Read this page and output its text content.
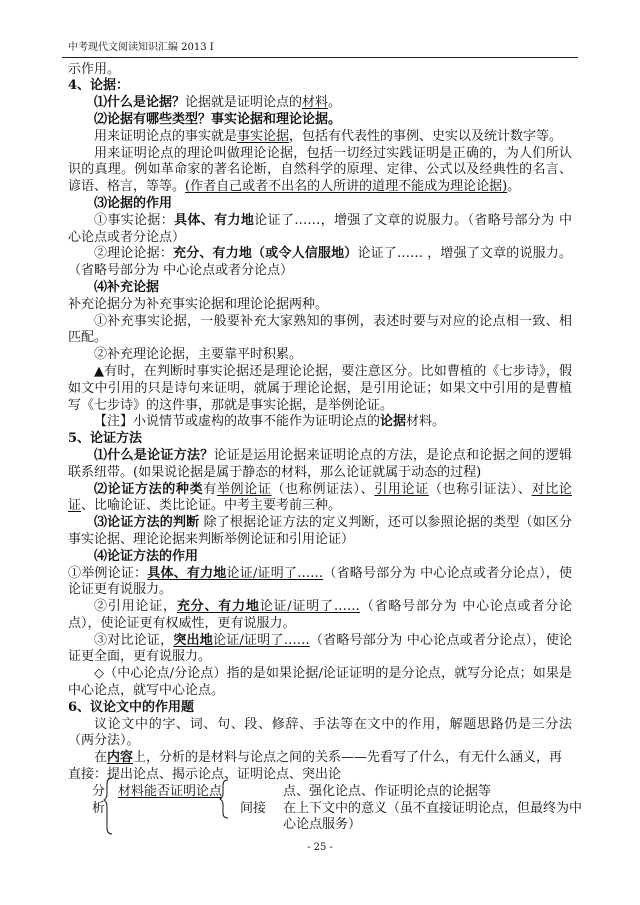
中考现代文阅读知识汇编 2013 Ⅰ

示作用。

4、论据：

⑴什么是论据？论据就是证明论点的材料。

⑵论据有哪些类型？事实论据和理论论据。

用来证明论点的事实就是事实论据，包括有代表性的事例、史实以及统计数字等。

用来证明论点的理论叫做理论论据，包括一切经过实践证明是正确的，为人们所认识的真理。例如革命家的著名论断，自然科学的原理、定律、公式以及经典性的名言、谚语、格言，等等。(作者自己或者不出名的人所讲的道理不能成为理论论据)。

⑶论据的作用

①事实论据：具体、有力地论证了……，增强了文章的说服力。（省略号部分为 中心论点或者分论点）

②理论论据：充分、有力地（或令人信服地）论证了…… ，增强了文章的说服力。（省略号部分为 中心论点或者分论点）

⑷补充论据

补充论据分为补充事实论据和理论论据两种。

①补充事实论据，一般要补充大家熟知的事例，表述时要与对应的论点相一致、相匹配。

②补充理论论据，主要靠平时积累。

▲有时，在判断时事实论据还是理论论据，要注意区分。比如曹植的《七步诗》，假如文中引用的只是诗句来证明，就属于理论论据，是引用论证；如果文中引用的是曹植写《七步诗》的这件事，那就是事实论据，是举例论证。

【注】小说情节或虚构的故事不能作为证明论点的论据材料。

5、论证方法

⑴什么是论证方法？论证是运用论据来证明论点的方法，是论点和论据之间的逻辑联系纽带。(如果说论据是属于静态的材料，那么论证就属于动态的过程)

⑵论证方法的种类有举例论证（也称例证法）、引用论证（也称引证法）、对比论证、比喻论证、类比论证。中考主要考前三种。

⑶论证方法的判断 除了根据论证方法的定义判断，还可以参照论据的类型（如区分事实论据、理论论据来判断举例论证和引用论证）

⑷论证方法的作用

①举例论证：具体、有力地论证/证明了……（省略号部分为 中心论点或者分论点），使论证更有说服力。

②引用论证，充分、有力地论证/证明了……（省略号部分为 中心论点或者分论点），使论证更有权威性，更有说服力。

③对比论证，突出地论证/证明了……（省略号部分为 中心论点或者分论点），使论证更全面，更有说服力。

◇（中心论点/分论点）指的是如果论据/论证证明的是分论点，就写分论点；如果是中心论点，就写中心论点。

6、议论文中的作用题

议论文中的字、词、句、段、修辞、手法等在文中的作用，解题思路仍是三分法（两分法）。

在内容上，分析的是材料与论点之间的关系——先看写了什么，有无什么涵义，再

直接：提出论点、揭示论点、证明论点、突出论

分
析
材料能否证明论点	点、强化论点、作证明论点的论据等
间接 在上下文中的意义（虽不直接证明论点，但最终为中心论点服务）
- 25 -
